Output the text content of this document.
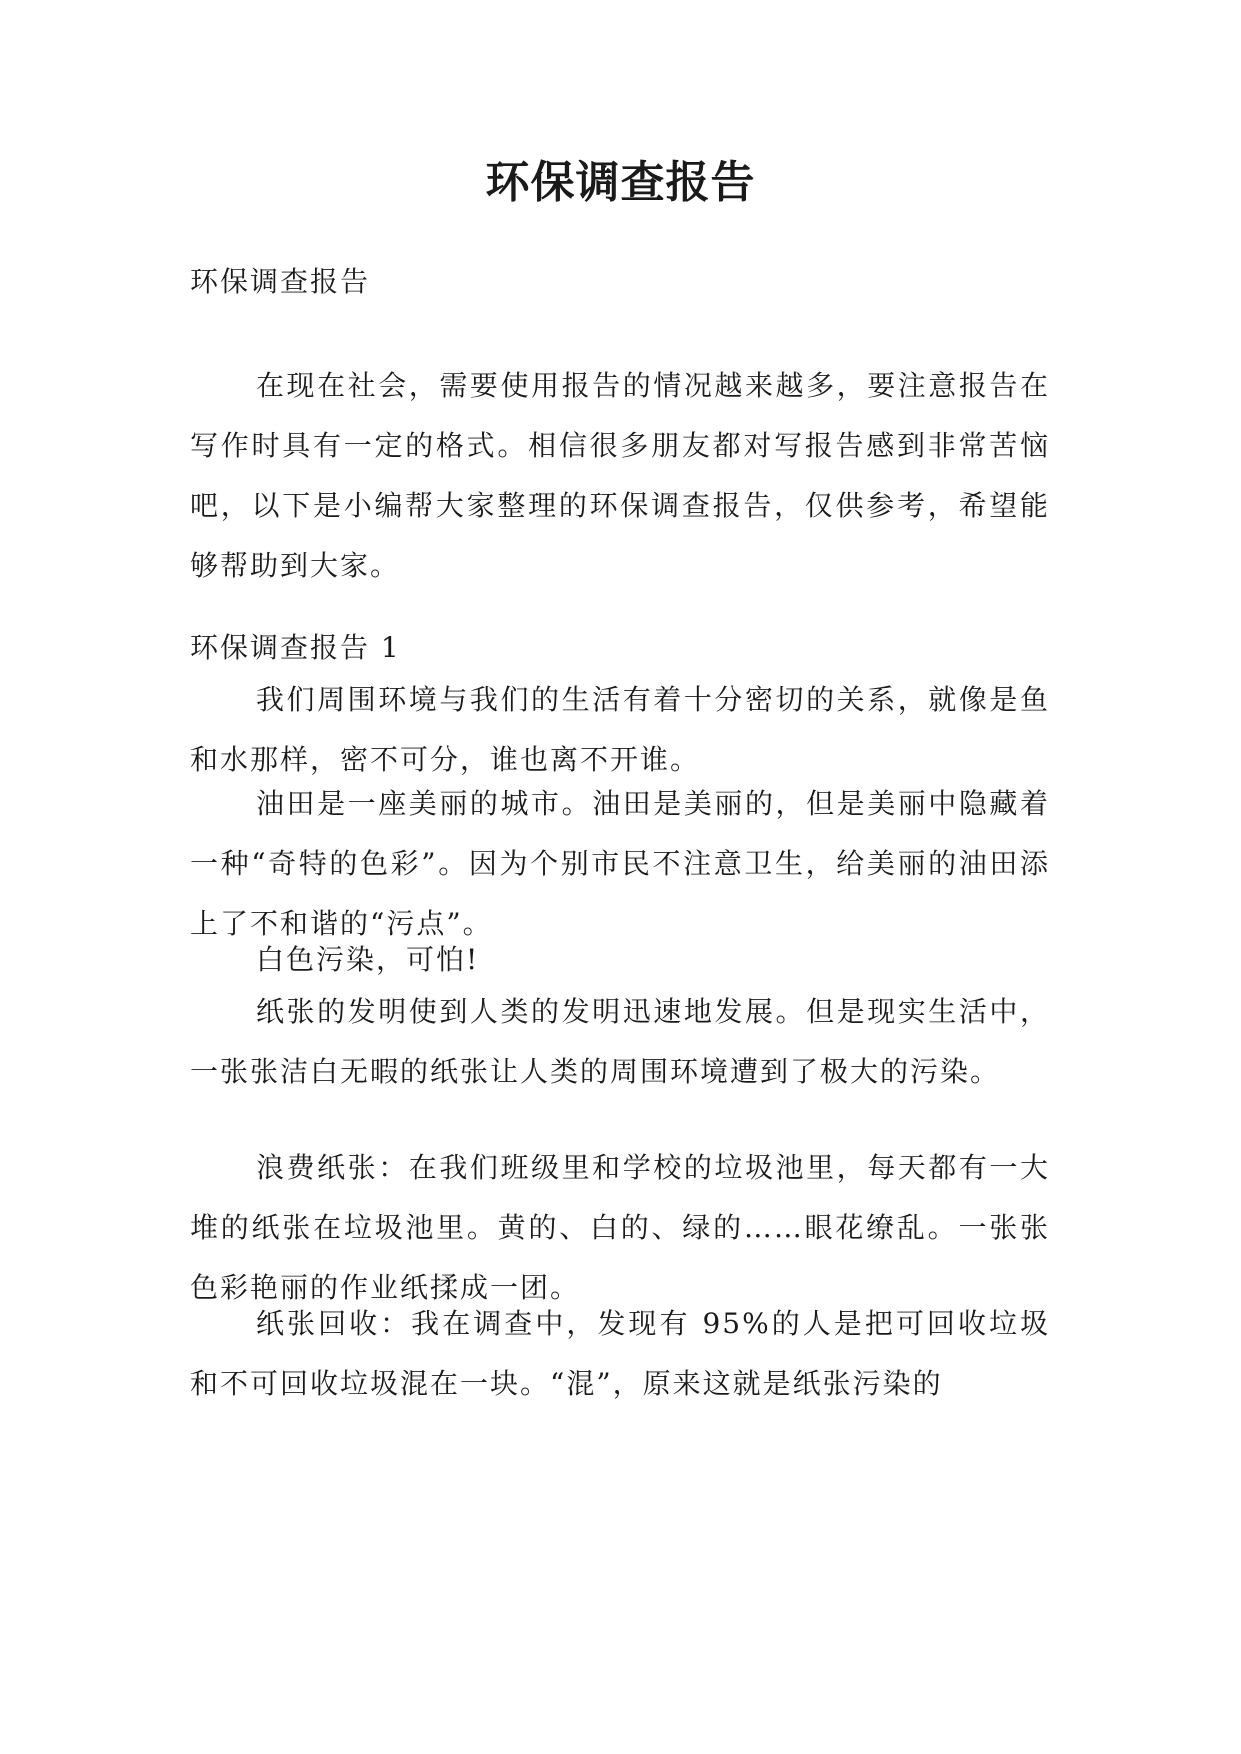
环保调查报告

环保调查报告

在现在社会，需要使用报告的情况越来越多，要注意报告在写作时具有一定的格式。相信很多朋友都对写报告感到非常苦恼吧，以下是小编帮大家整理的环保调查报告，仅供参考，希望能够帮助到大家。

环保调查报告 1

我们周围环境与我们的生活有着十分密切的关系，就像是鱼和水那样，密不可分，谁也离不开谁。

油田是一座美丽的城市。油田是美丽的，但是美丽中隐藏着一种“奇特的色彩”。因为个别市民不注意卫生，给美丽的油田添上了不和谐的“污点”。

白色污染，可怕!

纸张的发明使到人类的发明迅速地发展。但是现实生活中，一张张洁白无暇的纸张让人类的周围环境遭到了极大的污染。

浪费纸张：在我们班级里和学校的垃圾池里，每天都有一大堆的纸张在垃圾池里。黄的、白的、绿的……眼花缭乱。一张张色彩艳丽的作业纸揉成一团。

纸张回收：我在调查中，发现有 95%的人是把可回收垃圾和不可回收垃圾混在一块。“混”，原来这就是纸张污染的
